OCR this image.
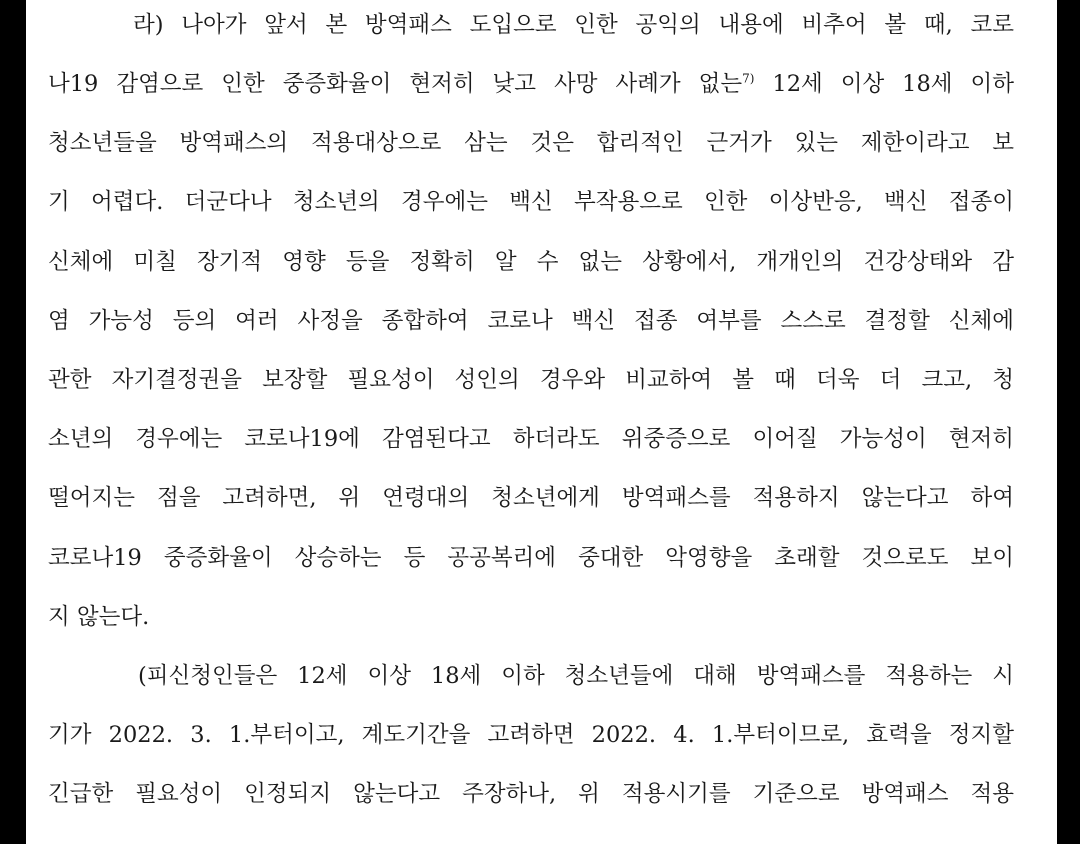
라) 나아가 앞서 본 방역패스 도입으로 인한 공익의 내용에 비추어 볼 때, 코로
나19 감염으로 인한 중증화율이 현저히 낮고 사망 사례가 없는$^{7)}$ 12세 이상 18세 이하
청소년들을 방역패스의 적용대상으로 삼는 것은 합리적인 근거가 있는 제한이라고 보
기 어렵다. 더군다나 청소년의 경우에는 백신 부작용으로 인한 이상반응, 백신 접종이
신체에 미칠 장기적 영향 등을 정확히 알 수 없는 상황에서, 개개인의 건강상태와 감
염 가능성 등의 여러 사정을 종합하여 코로나 백신 접종 여부를 스스로 결정할 신체에
관한 자기결정권을 보장할 필요성이 성인의 경우와 비교하여 볼 때 더욱 더 크고, 청
소년의 경우에는 코로나19에 감염된다고 하더라도 위중증으로 이어질 가능성이 현저히
떨어지는 점을 고려하면, 위 연령대의 청소년에게 방역패스를 적용하지 않는다고 하여
코로나19 중증화율이 상승하는 등 공공복리에 중대한 악영향을 초래할 것으로도 보이
지 않는다.
(피신청인들은 12세 이상 18세 이하 청소년들에 대해 방역패스를 적용하는 시
기가 2022. 3. 1.부터이고, 계도기간을 고려하면 2022. 4. 1.부터이므로, 효력을 정지할
긴급한 필요성이 인정되지 않는다고 주장하나, 위 적용시기를 기준으로 방역패스 적용
